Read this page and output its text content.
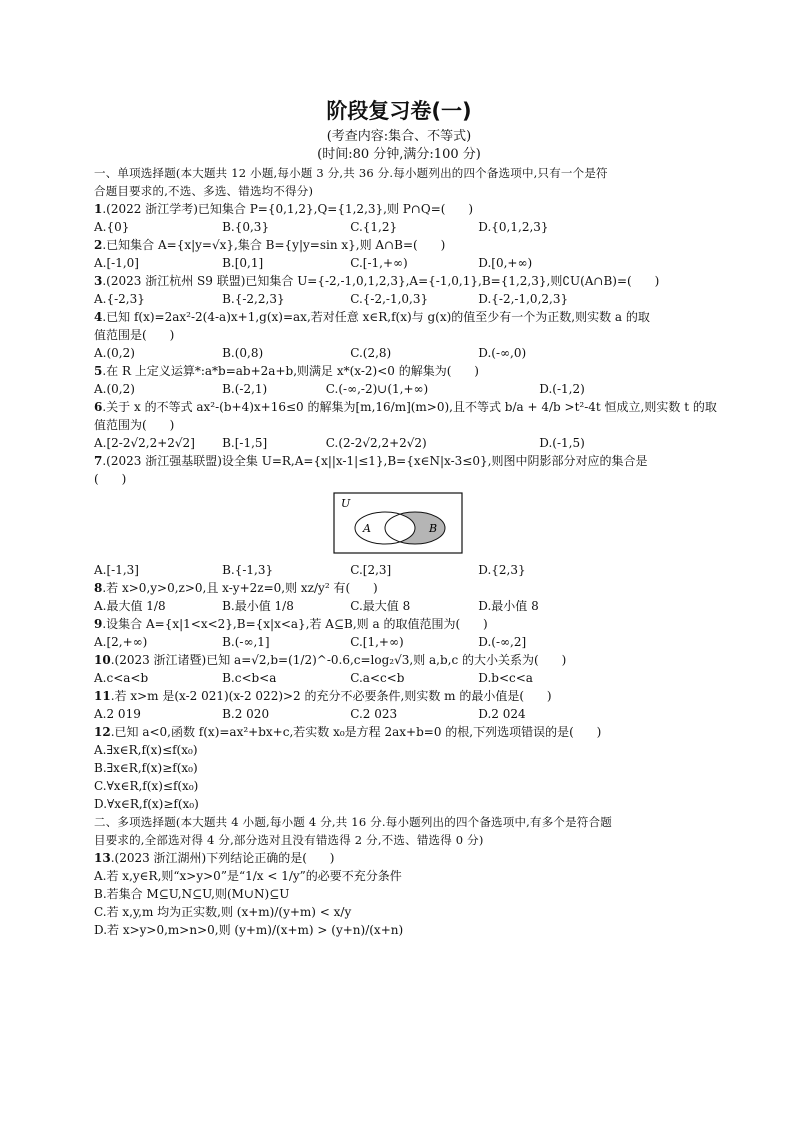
阶段复习卷(一)
(考查内容:集合、不等式)
(时间:80 分钟,满分:100 分)
一、单项选择题(本大题共 12 小题,每小题 3 分,共 36 分.每小题列出的四个备选项中,只有一个是符
合题目要求的,不选、多选、错选均不得分)
1.(2022 浙江学考)已知集合 P={0,1,2},Q={1,2,3},则 P∩Q=(      )
A.{0}	B.{0,3}	C.{1,2}	D.{0,1,2,3}
2.已知集合 A={x|y=√x},集合 B={y|y=sin x},则 A∩B=(      )
A.[-1,0]	B.[0,1]	C.[-1,+∞)	D.[0,+∞)
3.(2023 浙江杭州 S9 联盟)已知集合 U={-2,-1,0,1,2,3},A={-1,0,1},B={1,2,3},则∁U(A∩B)=(      )
A.{-2,3}	B.{-2,2,3}	C.{-2,-1,0,3}	D.{-2,-1,0,2,3}
4.已知 f(x)=2ax²-2(4-a)x+1,g(x)=ax,若对任意 x∈R,f(x)与 g(x)的值至少有一个为正数,则实数 a 的取
值范围是(      )
A.(0,2)	B.(0,8)	C.(2,8)	D.(-∞,0)
5.在 R 上定义运算*:a*b=ab+2a+b,则满足 x*(x-2)<0 的解集为(      )
A.(0,2)	B.(-2,1)	C.(-∞,-2)∪(1,+∞)	D.(-1,2)
6.关于 x 的不等式 ax²-(b+4)x+16≤0 的解集为[m,16/m](m>0),且不等式 b/a + 4/b >t²-4t 恒成立,则实数 t 的取
值范围为(      )
A.[2-2√2,2+2√2]	B.[-1,5]	C.(2-2√2,2+2√2)	D.(-1,5)
7.(2023 浙江强基联盟)设全集 U=R,A={x||x-1|≤1},B={x∈N|x-3≤0},则图中阴影部分对应的集合是
(      )
U
A	B
A.[-1,3]	B.{-1,3}	C.[2,3]	D.{2,3}
8.若 x>0,y>0,z>0,且 x-y+2z=0,则 xz/y² 有(      )
A.最大值 1/8	B.最小值 1/8	C.最大值 8	D.最小值 8
9.设集合 A={x|1<x<2},B={x|x<a},若 A⊆B,则 a 的取值范围为(      )
A.[2,+∞)	B.(-∞,1]	C.[1,+∞)	D.(-∞,2]
10.(2023 浙江诸暨)已知 a=√2,b=(1/2)^-0.6,c=log₂√3,则 a,b,c 的大小关系为(      )
A.c<a<b	B.c<b<a	C.a<c<b	D.b<c<a
11.若 x>m 是(x-2 021)(x-2 022)>2 的充分不必要条件,则实数 m 的最小值是(      )
A.2 019	B.2 020	C.2 023	D.2 024
12.已知 a<0,函数 f(x)=ax²+bx+c,若实数 x₀是方程 2ax+b=0 的根,下列选项错误的是(      )
A.∃x∈R,f(x)≤f(x₀)
B.∃x∈R,f(x)≥f(x₀)
C.∀x∈R,f(x)≤f(x₀)
D.∀x∈R,f(x)≥f(x₀)
二、多项选择题(本大题共 4 小题,每小题 4 分,共 16 分.每小题列出的四个备选项中,有多个是符合题
目要求的,全部选对得 4 分,部分选对且没有错选得 2 分,不选、错选得 0 分)
13.(2023 浙江湖州)下列结论正确的是(      )
A.若 x,y∈R,则“x>y>0”是“1/x < 1/y”的必要不充分条件
B.若集合 M⊆U,N⊆U,则(M∪N)⊆U
C.若 x,y,m 均为正实数,则 (x+m)/(y+m) < x/y
D.若 x>y>0,m>n>0,则 (y+m)/(x+m) > (y+n)/(x+n)
